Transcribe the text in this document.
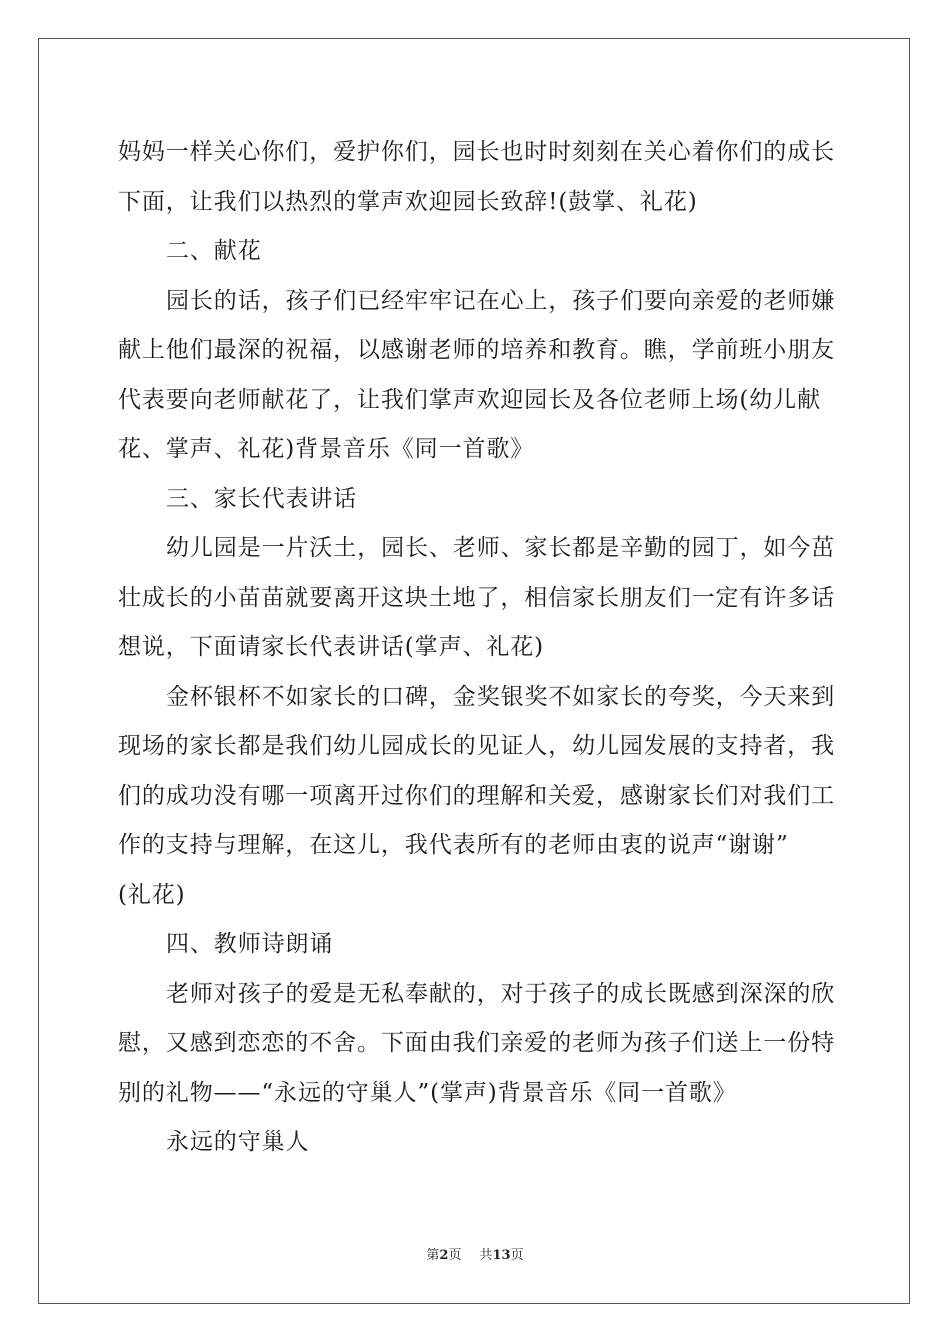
妈妈一样关心你们，爱护你们，园长也时时刻刻在关心着你们的成长
下面，让我们以热烈的掌声欢迎园长致辞!(鼓掌、礼花)
二、献花
园长的话，孩子们已经牢牢记在心上，孩子们要向亲爱的老师嫌
献上他们最深的祝福，以感谢老师的培养和教育。瞧，学前班小朋友
代表要向老师献花了，让我们掌声欢迎园长及各位老师上场(幼儿献
花、掌声、礼花)背景音乐《同一首歌》
三、家长代表讲话
幼儿园是一片沃土，园长、老师、家长都是辛勤的园丁，如今茁
壮成长的小苗苗就要离开这块土地了，相信家长朋友们一定有许多话
想说，下面请家长代表讲话(掌声、礼花)
金杯银杯不如家长的口碑，金奖银奖不如家长的夸奖，今天来到
现场的家长都是我们幼儿园成长的见证人，幼儿园发展的支持者，我
们的成功没有哪一项离开过你们的理解和关爱，感谢家长们对我们工
作的支持与理解，在这儿，我代表所有的老师由衷的说声“谢谢”
(礼花)
四、教师诗朗诵
老师对孩子的爱是无私奉献的，对于孩子的成长既感到深深的欣
慰，又感到恋恋的不舍。下面由我们亲爱的老师为孩子们送上一份特
别的礼物——“永远的守巢人”(掌声)背景音乐《同一首歌》
永远的守巢人
第2页 共13页
